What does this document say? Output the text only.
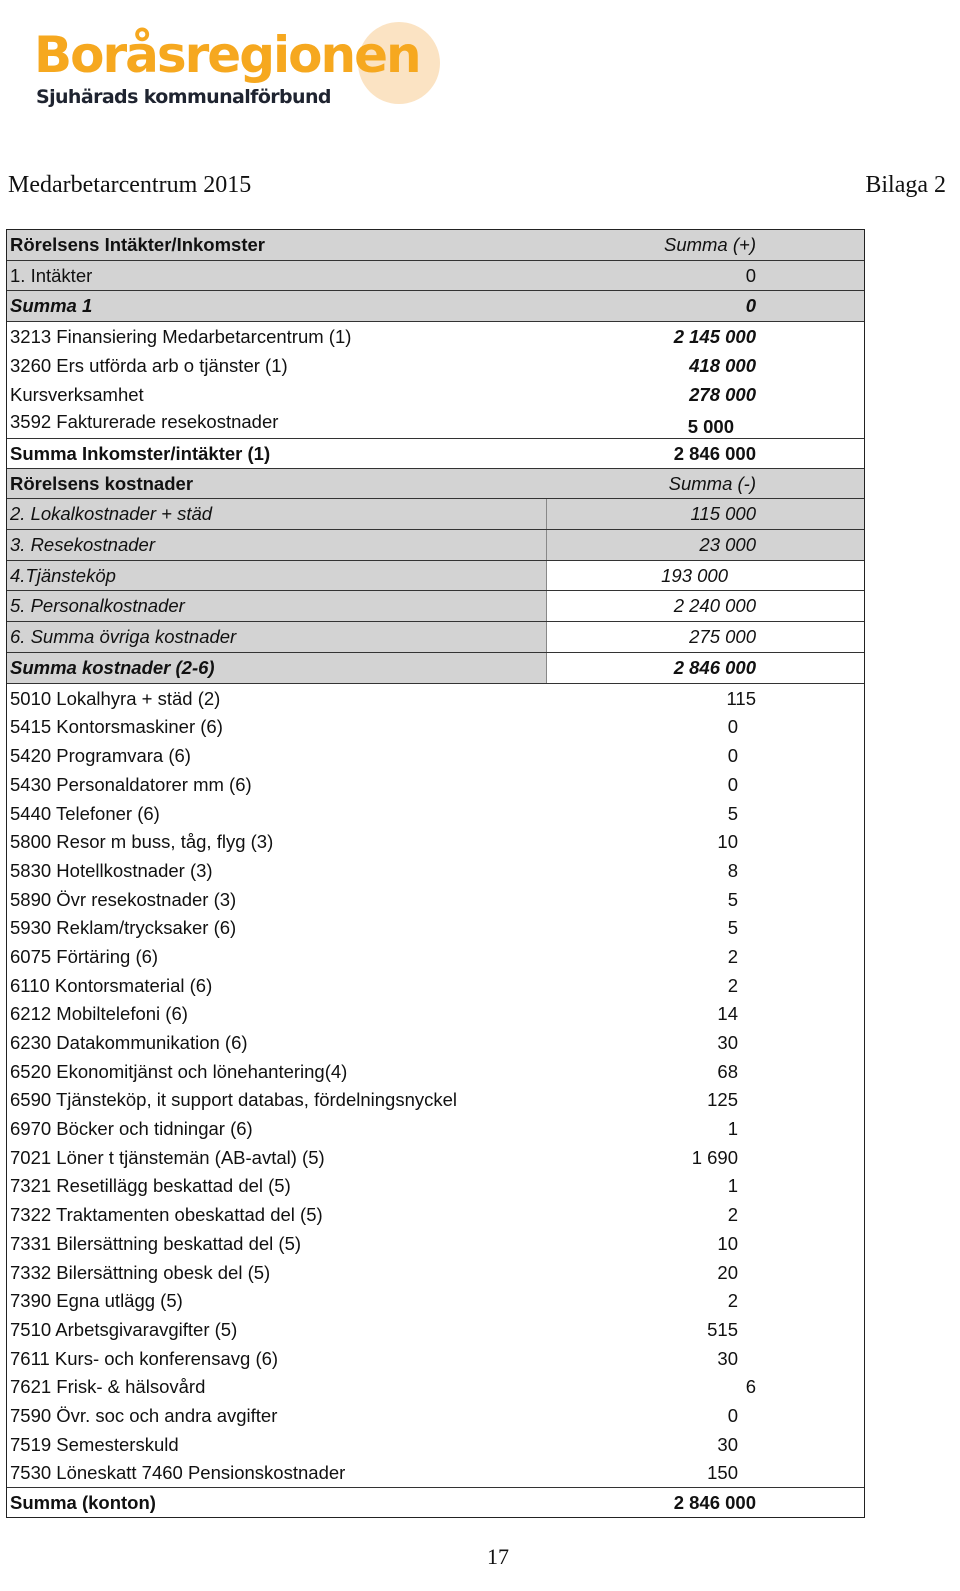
Boråsregionen
Sjuhärads kommunalförbund
Medarbetarcentrum 2015	Bilaga 2
Rörelsens Intäkter/Inkomster	Summa (+)
1. Intäkter	0
Summa 1	0
3213 Finansiering Medarbetarcentrum (1)	2 145 000
3260 Ers utförda arb o tjänster (1)	418 000
Kursverksamhet	278 000
3592 Fakturerade resekostnader	5 000
Summa Inkomster/intäkter (1)	2 846 000
Rörelsens kostnader	Summa (-)
2. Lokalkostnader + städ	115 000
3. Resekostnader	23 000
4.Tjänsteköp	193 000
5. Personalkostnader	2 240 000
6. Summa övriga kostnader	275 000
Summa kostnader (2-6)	2 846 000
5010 Lokalhyra + städ (2)	115
5415 Kontorsmaskiner (6)	0
5420 Programvara (6)	0
5430 Personaldatorer mm (6)	0
5440 Telefoner (6)	5
5800 Resor m buss, tåg, flyg (3)	10
5830 Hotellkostnader (3)	8
5890 Övr resekostnader (3)	5
5930 Reklam/trycksaker (6)	5
6075 Förtäring (6)	2
6110 Kontorsmaterial (6)	2
6212 Mobiltelefoni (6)	14
6230 Datakommunikation (6)	30
6520 Ekonomitjänst och lönehantering(4)	68
6590 Tjänsteköp, it support databas, fördelningsnyckel	125
6970 Böcker och tidningar (6)	1
7021 Löner t tjänstemän (AB-avtal) (5)	1 690
7321 Resetillägg beskattad del (5)	1
7322 Traktamenten obeskattad del (5)	2
7331 Bilersättning beskattad del (5)	10
7332 Bilersättning obesk del (5)	20
7390 Egna utlägg (5)	2
7510 Arbetsgivaravgifter (5)	515
7611 Kurs- och konferensavg (6)	30
7621 Frisk- & hälsovård	6
7590 Övr. soc och andra avgifter	0
7519 Semesterskuld	30
7530 Löneskatt 7460 Pensionskostnader	150
Summa (konton)	2 846 000
17
